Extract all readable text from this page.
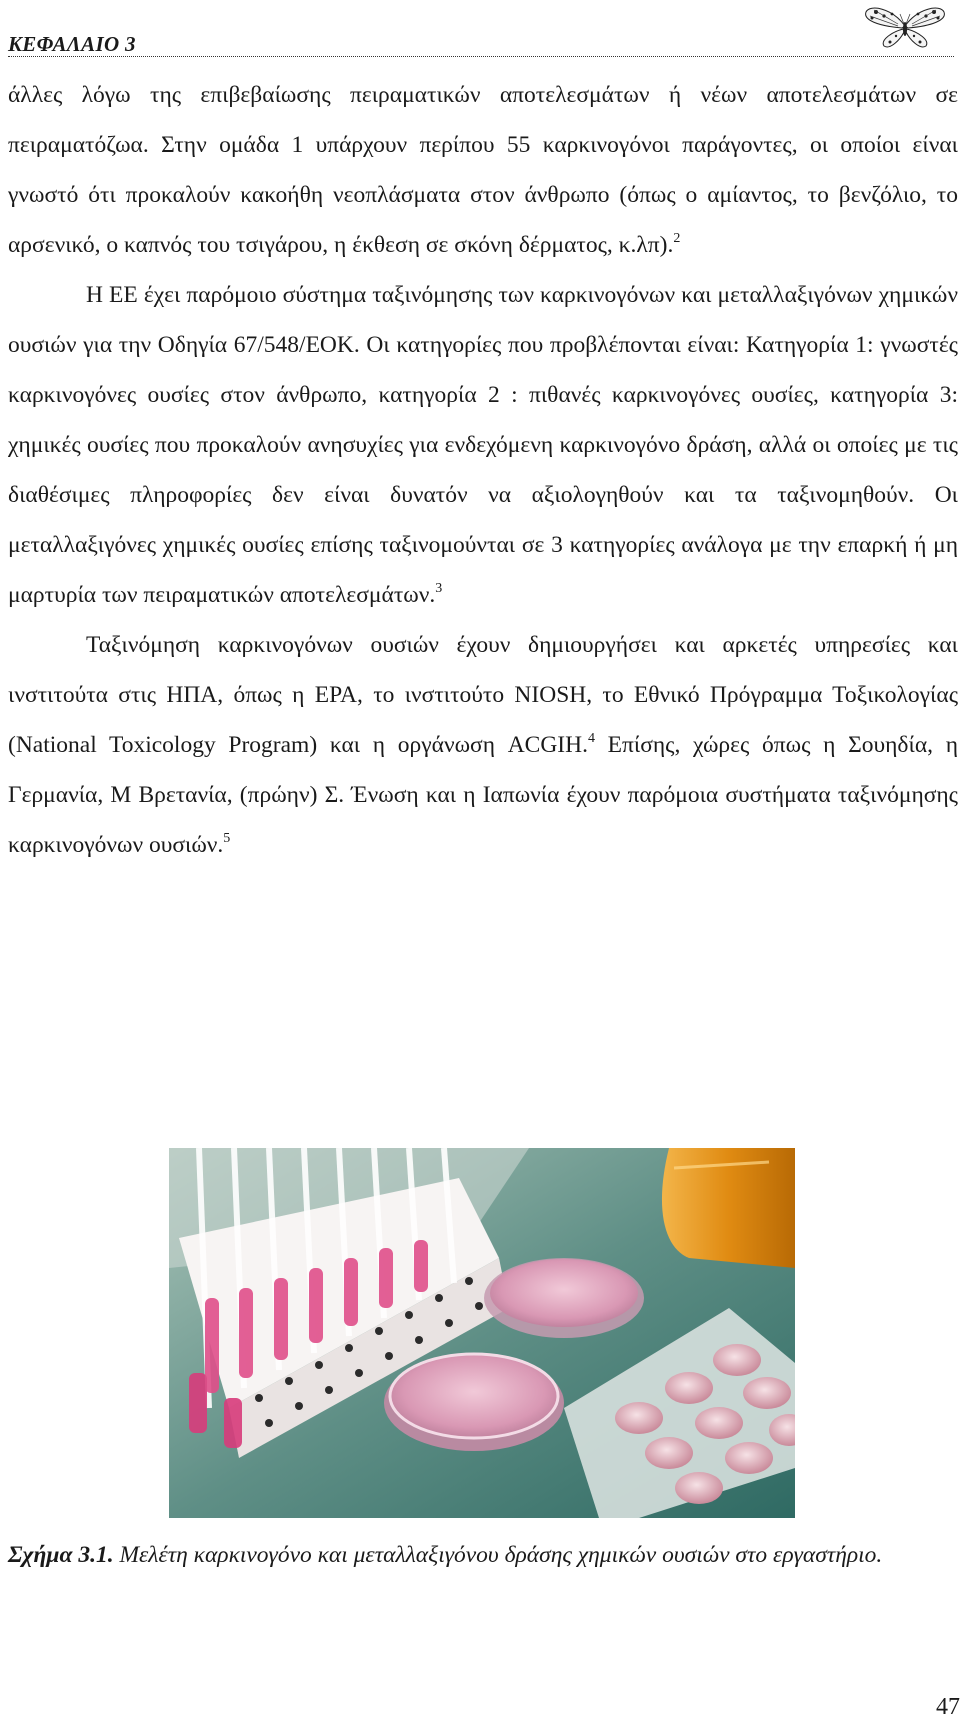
ΚΕΦΑΛΑΙΟ 3

άλλες λόγω της επιβεβαίωσης πειραματικών αποτελεσμάτων ή νέων αποτελεσμάτων σε πειραματόζωα. Στην ομάδα 1 υπάρχουν περίπου 55 καρκινογόνοι παράγοντες, οι οποίοι είναι γνωστό ότι προκαλούν κακοήθη νεοπλάσματα στον άνθρωπο (όπως ο αμίαντος, το βενζόλιο, το αρσενικό, ο καπνός του τσιγάρου, η έκθεση σε σκόνη δέρματος, κ.λπ).$^2$

Η ΕΕ έχει παρόμοιο σύστημα ταξινόμησης των καρκινογόνων και μεταλλαξιγόνων χημικών ουσιών για την Οδηγία 67/548/ΕΟΚ. Οι κατηγορίες που προβλέπονται είναι: Κατηγορία 1: γνωστές καρκινογόνες ουσίες στον άνθρωπο, κατηγορία 2 : πιθανές καρκινογόνες ουσίες, κατηγορία 3: χημικές ουσίες που προκαλούν ανησυχίες για ενδεχόμενη καρκινογόνο δράση, αλλά οι οποίες με τις διαθέσιμες πληροφορίες δεν είναι δυνατόν να αξιολογηθούν και τα ταξινομηθούν. Οι μεταλλαξιγόνες χημικές ουσίες επίσης ταξινομούνται σε 3 κατηγορίες ανάλογα με την επαρκή ή μη μαρτυρία των πειραματικών αποτελεσμάτων.$^3$

Ταξινόμηση καρκινογόνων ουσιών έχουν δημιουργήσει και αρκετές υπηρεσίες και ινστιτούτα στις ΗΠΑ, όπως η EPA, το ινστιτούτο NIOSH, το Εθνικό Πρόγραμμα Τοξικολογίας (National Toxicology Program) και η οργάνωση ACGIH.$^4$ Επίσης, χώρες όπως η Σουηδία, η Γερμανία, Μ Βρετανία, (πρώην) Σ. Ένωση και η Ιαπωνία έχουν παρόμοια συστήματα ταξινόμησης καρκινογόνων ουσιών.$^5$

Σχήμα 3.1. Μελέτη καρκινογόνο και μεταλλαξιγόνου δράσης χημικών ουσιών στο εργαστήριο.

47
